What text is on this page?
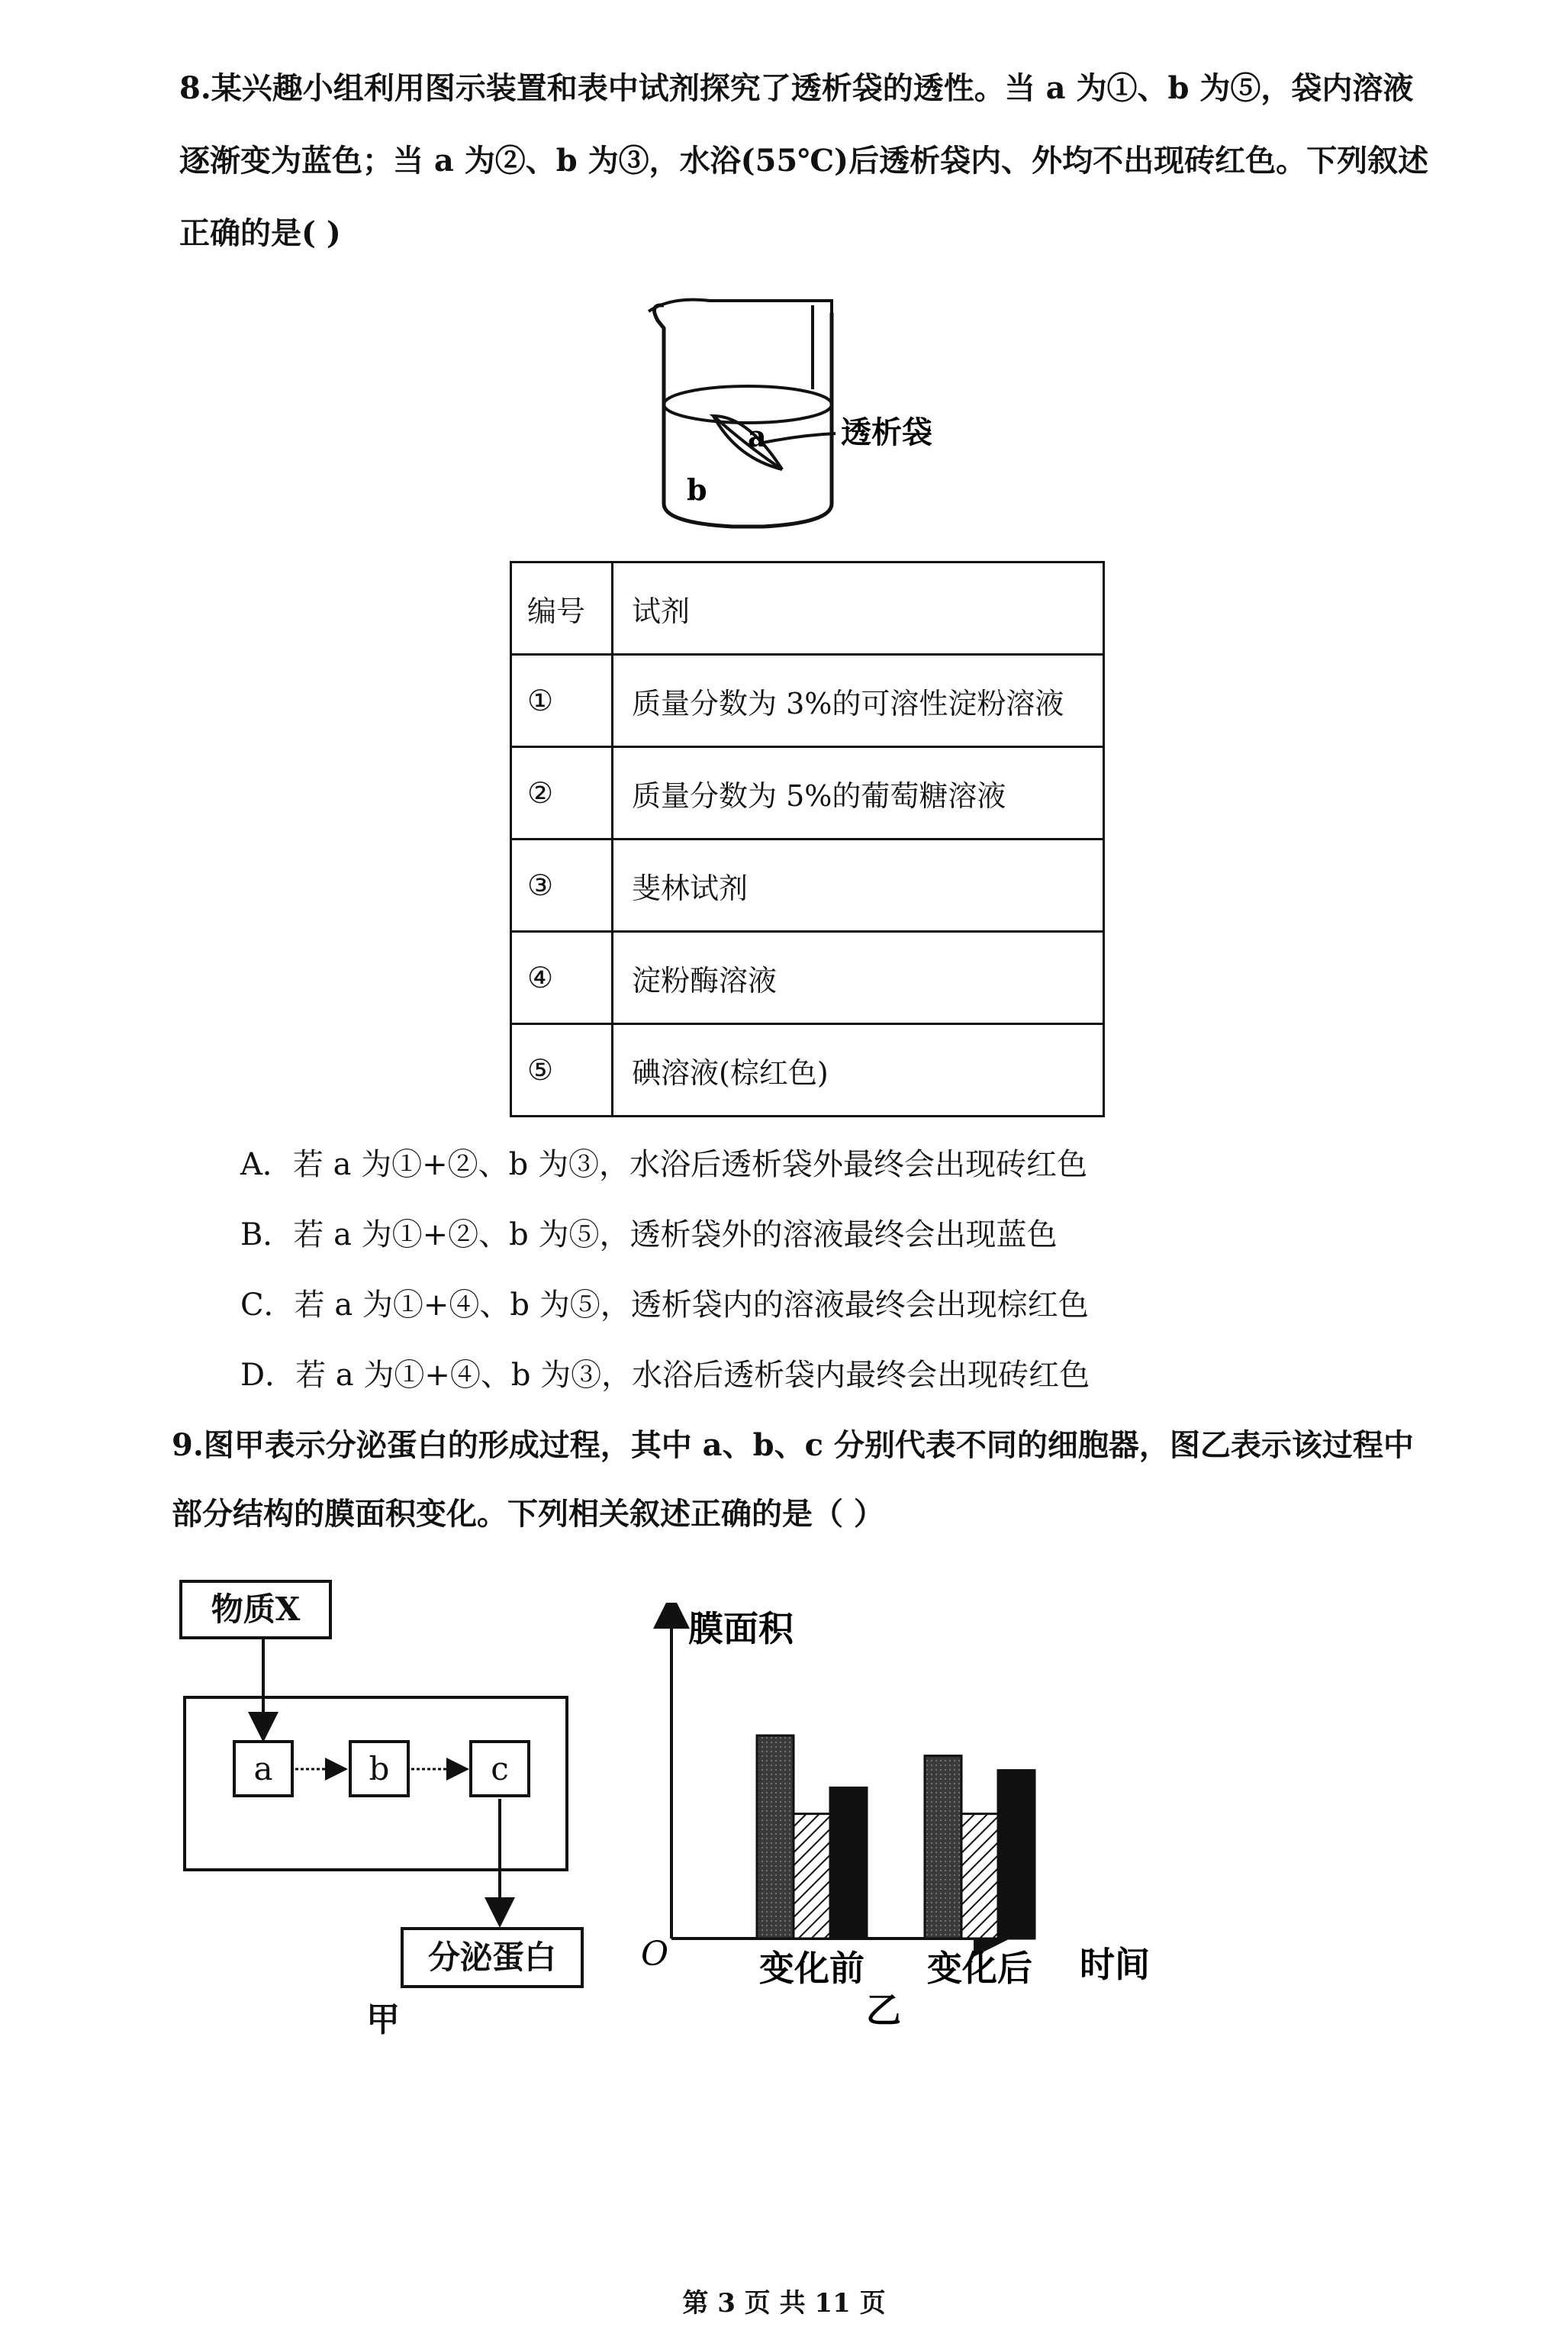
8.某兴趣小组利用图示装置和表中试剂探究了透析袋的透性。当 a 为①、b 为⑤，袋内溶液
逐渐变为蓝色；当 a 为②、b 为③，水浴(55℃)后透析袋内、外均不出现砖红色。下列叙述
正确的是( )
a
b
透析袋
编号	试剂
①	质量分数为 3%的可溶性淀粉溶液
②	质量分数为 5%的葡萄糖溶液
③	斐林试剂
④	淀粉酶溶液
⑤	碘溶液(棕红色)
A．若 a 为①+②、b 为③，水浴后透析袋外最终会出现砖红色
B．若 a 为①+②、b 为⑤，透析袋外的溶液最终会出现蓝色
C．若 a 为①+④、b 为⑤，透析袋内的溶液最终会出现棕红色
D．若 a 为①+④、b 为③，水浴后透析袋内最终会出现砖红色
9.图甲表示分泌蛋白的形成过程，其中 a、b、c 分别代表不同的细胞器，图乙表示该过程中
部分结构的膜面积变化。下列相关叙述正确的是（ ）
物质X
a	b	c
分泌蛋白
甲
膜面积
O	时间
乙
变化前 变化后
第 3 页 共 11 页
